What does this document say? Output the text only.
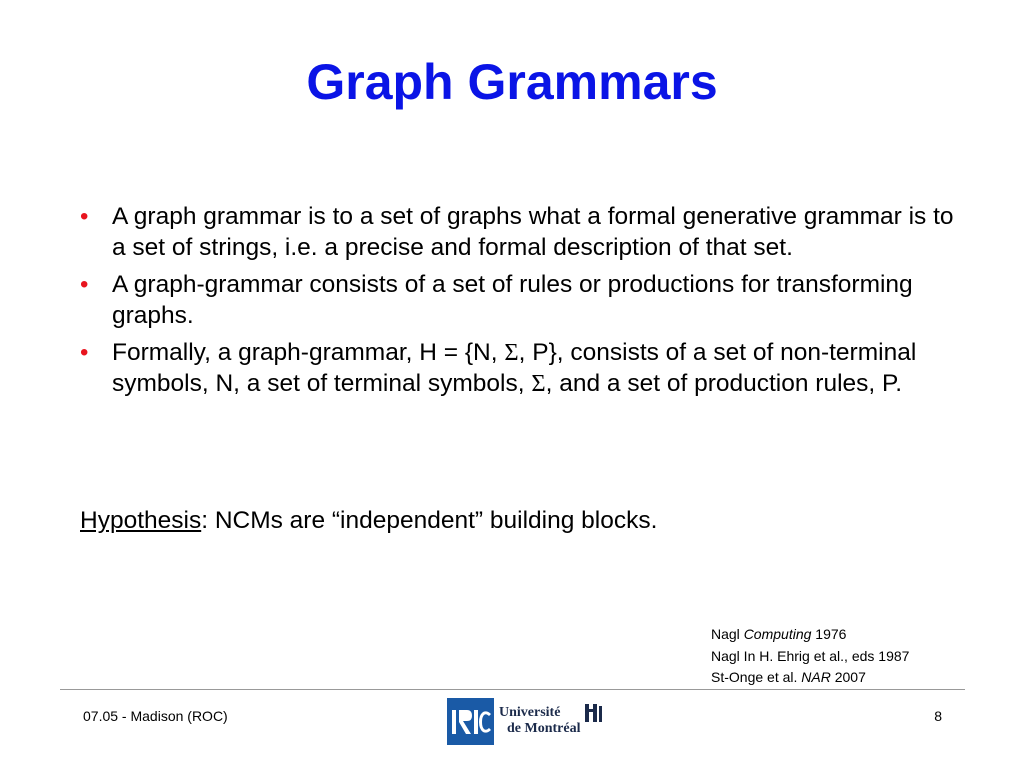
Graph Grammars
• A graph grammar is to a set of graphs what a formal generative grammar is to a set of strings, i.e. a precise and formal description of that set.
• A graph-grammar consists of a set of rules or productions for transforming graphs.
• Formally, a graph-grammar, H = {N, Σ, P}, consists of a set of non-terminal symbols, N, a set of terminal symbols, Σ, and a set of production rules, P.
Hypothesis: NCMs are “independent” building blocks.
Nagl Computing 1976
Nagl In H. Ehrig et al., eds 1987
St-Onge et al. NAR 2007
07.05 - Madison (ROC)	Université
de Montréal
8
